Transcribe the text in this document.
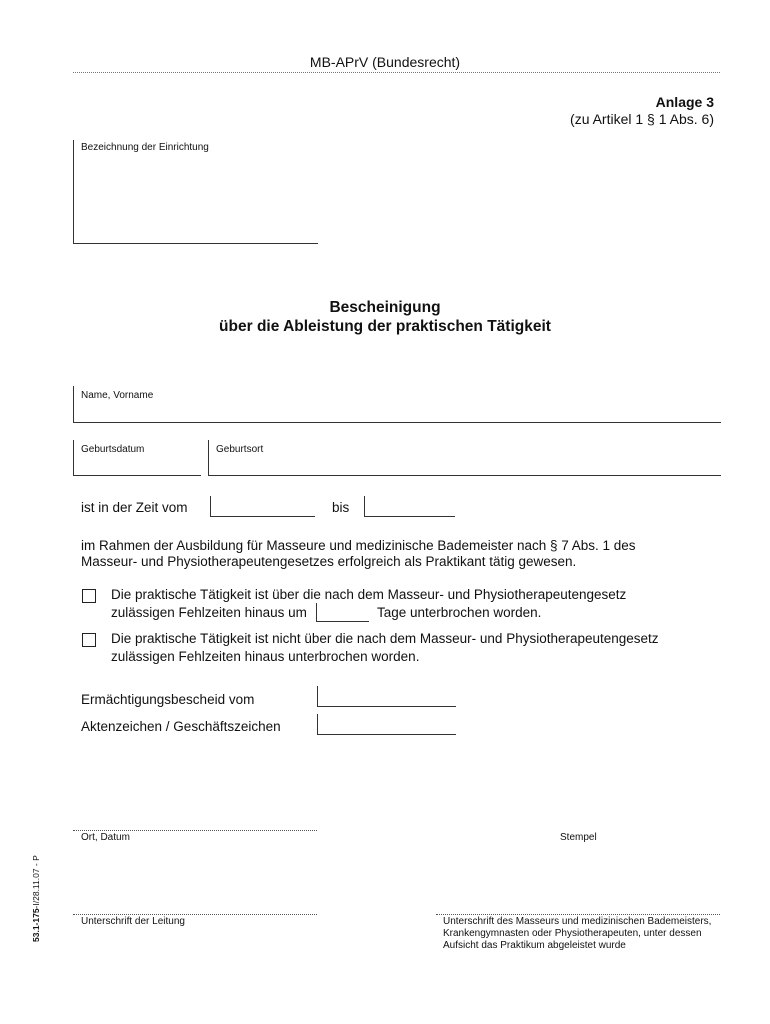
MB-APrV (Bundesrecht)
Anlage 3
(zu Artikel 1 § 1 Abs. 6)
Bezeichnung der Einrichtung
Bescheinigung
über die Ableistung der praktischen Tätigkeit
Name, Vorname
Geburtsdatum	Geburtsort
ist in der Zeit vom	bis
im Rahmen der Ausbildung für Masseure und medizinische Bademeister nach § 7 Abs. 1 des
Masseur- und Physiotherapeutengesetzes erfolgreich als Praktikant tätig gewesen.
Die praktische Tätigkeit ist über die nach dem Masseur- und Physiotherapeutengesetz
zulässigen Fehlzeiten hinaus um	Tage unterbrochen worden.
Die praktische Tätigkeit ist nicht über die nach dem Masseur- und Physiotherapeutengesetz
zulässigen Fehlzeiten hinaus unterbrochen worden.
Ermächtigungsbescheid vom
Aktenzeichen / Geschäftszeichen
Ort, Datum	Stempel
Unterschrift der Leitung	Unterschrift des Masseurs und medizinischen Bademeisters,
Krankengymnasten oder Physiotherapeuten, unter dessen
Aufsicht das Praktikum abgeleistet wurde
53.1-175-I/28.11.07 - P
